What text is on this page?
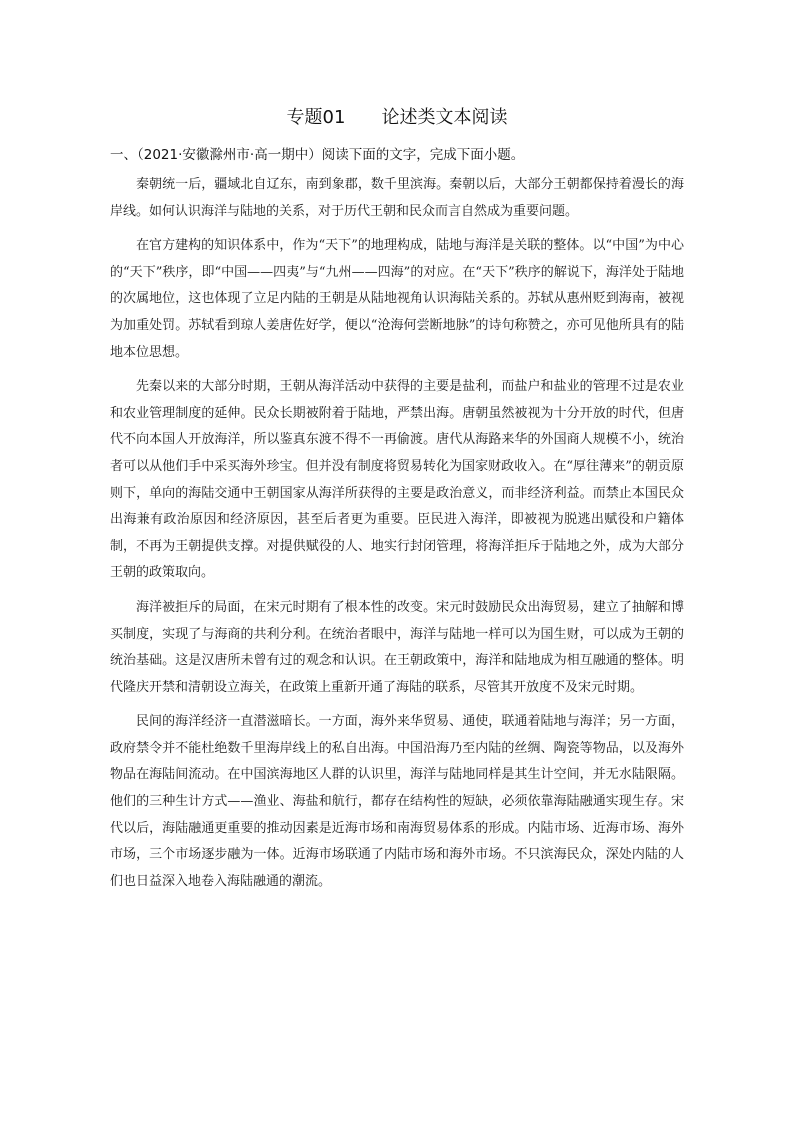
专题01　　论述类文本阅读
一、（2021·安徽滁州市·高一期中）阅读下面的文字，完成下面小题。

秦朝统一后，疆域北自辽东，南到象郡，数千里滨海。秦朝以后，大部分王朝都保持着漫长的海岸线。如何认识海洋与陆地的关系，对于历代王朝和民众而言自然成为重要问题。

在官方建构的知识体系中，作为“天下”的地理构成，陆地与海洋是关联的整体。以“中国”为中心的“天下”秩序，即“中国——四夷”与“九州——四海”的对应。在“天下”秩序的解说下，海洋处于陆地的次属地位，这也体现了立足内陆的王朝是从陆地视角认识海陆关系的。苏轼从惠州贬到海南，被视为加重处罚。苏轼看到琼人姜唐佐好学，便以“沧海何尝断地脉”的诗句称赞之，亦可见他所具有的陆地本位思想。

先秦以来的大部分时期，王朝从海洋活动中获得的主要是盐利，而盐户和盐业的管理不过是农业和农业管理制度的延伸。民众长期被附着于陆地，严禁出海。唐朝虽然被视为十分开放的时代，但唐代不向本国人开放海洋，所以鉴真东渡不得不一再偷渡。唐代从海路来华的外国商人规模不小，统治者可以从他们手中采买海外珍宝。但并没有制度将贸易转化为国家财政收入。在“厚往薄来”的朝贡原则下，单向的海陆交通中王朝国家从海洋所获得的主要是政治意义，而非经济利益。而禁止本国民众出海兼有政治原因和经济原因，甚至后者更为重要。臣民进入海洋，即被视为脱逃出赋役和户籍体制，不再为王朝提供支撑。对提供赋役的人、地实行封闭管理，将海洋拒斥于陆地之外，成为大部分王朝的政策取向。

海洋被拒斥的局面，在宋元时期有了根本性的改变。宋元时鼓励民众出海贸易，建立了抽解和博买制度，实现了与海商的共利分利。在统治者眼中，海洋与陆地一样可以为国生财，可以成为王朝的统治基础。这是汉唐所未曾有过的观念和认识。在王朝政策中，海洋和陆地成为相互融通的整体。明代隆庆开禁和清朝设立海关，在政策上重新开通了海陆的联系，尽管其开放度不及宋元时期。

民间的海洋经济一直潜滋暗长。一方面，海外来华贸易、通使，联通着陆地与海洋；另一方面，政府禁令并不能杜绝数千里海岸线上的私自出海。中国沿海乃至内陆的丝绸、陶瓷等物品，以及海外物品在海陆间流动。在中国滨海地区人群的认识里，海洋与陆地同样是其生计空间，并无水陆限隔。他们的三种生计方式——渔业、海盐和航行，都存在结构性的短缺，必须依靠海陆融通实现生存。宋代以后，海陆融通更重要的推动因素是近海市场和南海贸易体系的形成。内陆市场、近海市场、海外市场，三个市场逐步融为一体。近海市场联通了内陆市场和海外市场。不只滨海民众，深处内陆的人们也日益深入地卷入海陆融通的潮流。
